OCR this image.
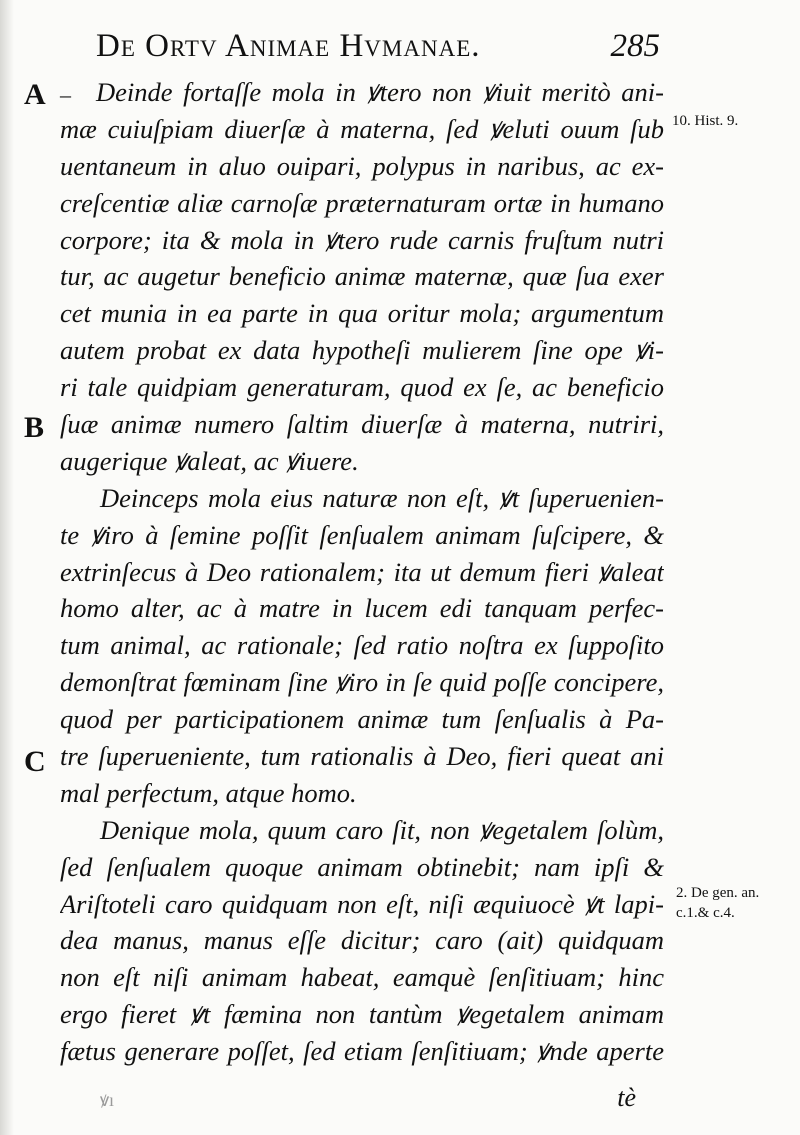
De Ortv Animae Hvmanae.	285
A
B
C
10. Hist. 9.
2. De gen. an.
c.1.& c.4.
Deinde fortaſſe mola in ꝟtero non ꝟiuit meritò ani-
mæ cuiuſpiam diuerſæ à materna, ſed ꝟeluti ouum ſub
uentaneum in aluo ouipari, polypus in naribus, ac ex-
creſcentiæ aliæ carnoſæ præternaturam ortæ in humano
corpore; ita & mola in ꝟtero rude carnis fruſtum nutri
tur, ac augetur beneficio animæ maternæ, quæ ſua exer
cet munia in ea parte in qua oritur mola; argumentum
autem probat ex data hypotheſi mulierem ſine ope ꝟi-
ri tale quidpiam generaturam, quod ex ſe, ac beneficio
ſuæ animæ numero ſaltim diuerſæ à materna, nutriri,
augerique ꝟaleat, ac ꝟiuere.
Deinceps mola eius naturæ non eſt, ꝟt ſuperuenien-
te ꝟiro à ſemine poſſit ſenſualem animam ſuſcipere, &
extrinſecus à Deo rationalem; ita ut demum fieri ꝟaleat
homo alter, ac à matre in lucem edi tanquam perfec-
tum animal, ac rationale; ſed ratio noſtra ex ſuppoſito
demonſtrat fœminam ſine ꝟiro in ſe quid poſſe concipere,
quod per participationem animæ tum ſenſualis à Pa-
tre ſuperueniente, tum rationalis à Deo, fieri queat ani
mal perfectum, atque homo.
Denique mola, quum caro ſit, non ꝟegetalem ſolùm,
ſed ſenſualem quoque animam obtinebit; nam ipſi &
Ariſtoteli caro quidquam non eſt, niſi æquiuocè ꝟt lapi-
dea manus, manus eſſe dicitur; caro (ait) quidquam
non eſt niſi animam habeat, eamquè ſenſitiuam; hinc
ergo fieret ꝟt fæmina non tantùm ꝟegetalem animam
fætus generare poſſet, ſed etiam ſenſitiuam; ꝟnde aperte
–
tè
ꝟı
